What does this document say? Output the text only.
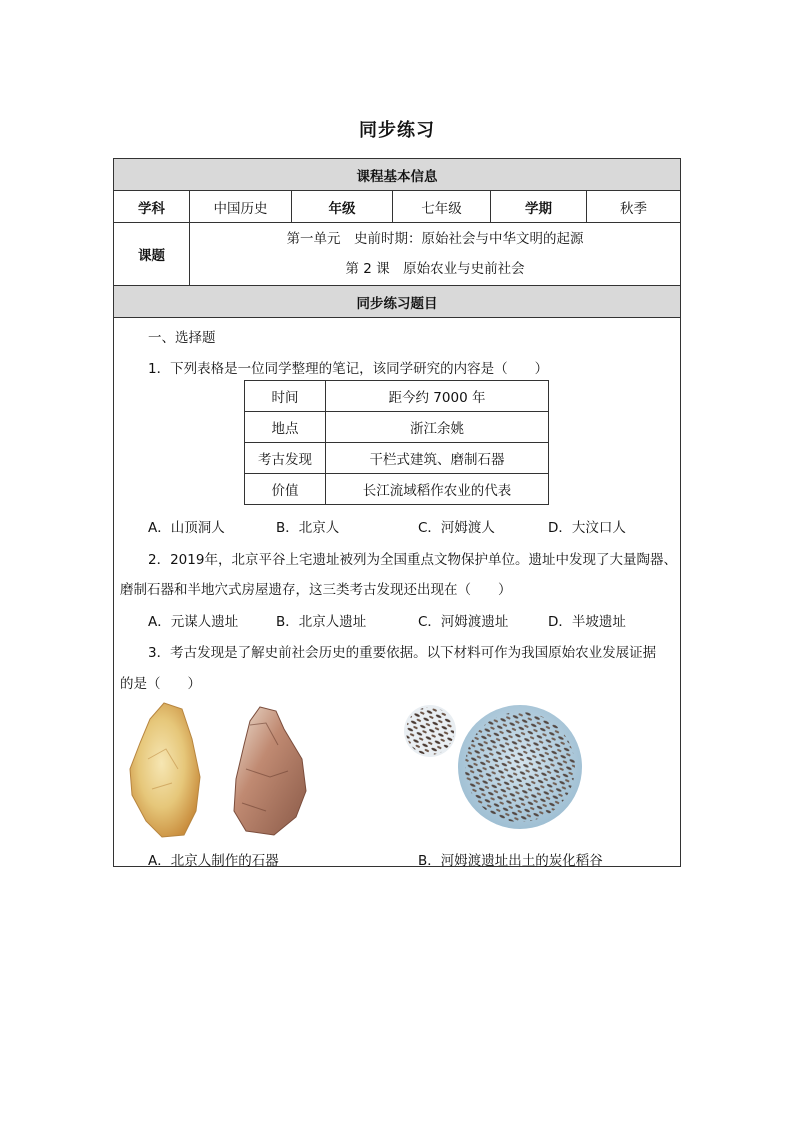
同步练习
课程基本信息
学科	中国历史	年级	七年级	学期	秋季
课题
第一单元　史前时期：原始社会与中华文明的起源
第 2 课　原始农业与史前社会
同步练习题目
一、选择题
1．下列表格是一位同学整理的笔记，该同学研究的内容是（　　）
时间	距今约 7000 年
地点	浙江余姚
考古发现	干栏式建筑、磨制石器
价值	长江流域稻作农业的代表
A．山顶洞人	B．北京人	C．河姆渡人	D．大汶口人
2．2019年，北京平谷上宅遗址被列为全国重点文物保护单位。遗址中发现了大量陶器、
磨制石器和半地穴式房屋遗存，这三类考古发现还出现在（　　）
A．元谋人遗址	B．北京人遗址	C．河姆渡遗址	D．半坡遗址
3．考古发现是了解史前社会历史的重要依据。以下材料可作为我国原始农业发展证据
的是（　　）
A．北京人制作的石器	B．河姆渡遗址出土的炭化稻谷
